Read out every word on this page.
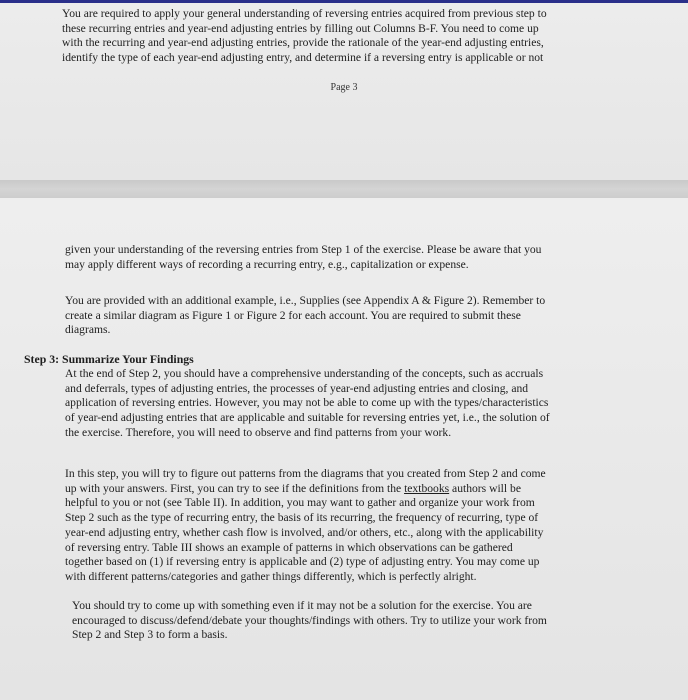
You are required to apply your general understanding of reversing entries acquired from previous step to
these recurring entries and year-end adjusting entries by filling out Columns B-F. You need to come up
with the recurring and year-end adjusting entries, provide the rationale of the year-end adjusting entries,
identify the type of each year-end adjusting entry, and determine if a reversing entry is applicable or not

Page 3

given your understanding of the reversing entries from Step 1 of the exercise. Please be aware that you
may apply different ways of recording a recurring entry, e.g., capitalization or expense.

You are provided with an additional example, i.e., Supplies (see Appendix A & Figure 2). Remember to
create a similar diagram as Figure 1 or Figure 2 for each account. You are required to submit these
diagrams.

Step 3: Summarize Your Findings

At the end of Step 2, you should have a comprehensive understanding of the concepts, such as accruals
and deferrals, types of adjusting entries, the processes of year-end adjusting entries and closing, and
application of reversing entries. However, you may not be able to come up with the types/characteristics
of year-end adjusting entries that are applicable and suitable for reversing entries yet, i.e., the solution of
the exercise. Therefore, you will need to observe and find patterns from your work.

In this step, you will try to figure out patterns from the diagrams that you created from Step 2 and come
up with your answers. First, you can try to see if the definitions from the textbooks authors will be
helpful to you or not (see Table II). In addition, you may want to gather and organize your work from
Step 2 such as the type of recurring entry, the basis of its recurring, the frequency of recurring, type of
year-end adjusting entry, whether cash flow is involved, and/or others, etc., along with the applicability
of reversing entry. Table III shows an example of patterns in which observations can be gathered
together based on (1) if reversing entry is applicable and (2) type of adjusting entry. You may come up
with different patterns/categories and gather things differently, which is perfectly alright.

You should try to come up with something even if it may not be a solution for the exercise. You are
encouraged to discuss/defend/debate your thoughts/findings with others. Try to utilize your work from
Step 2 and Step 3 to form a basis.
